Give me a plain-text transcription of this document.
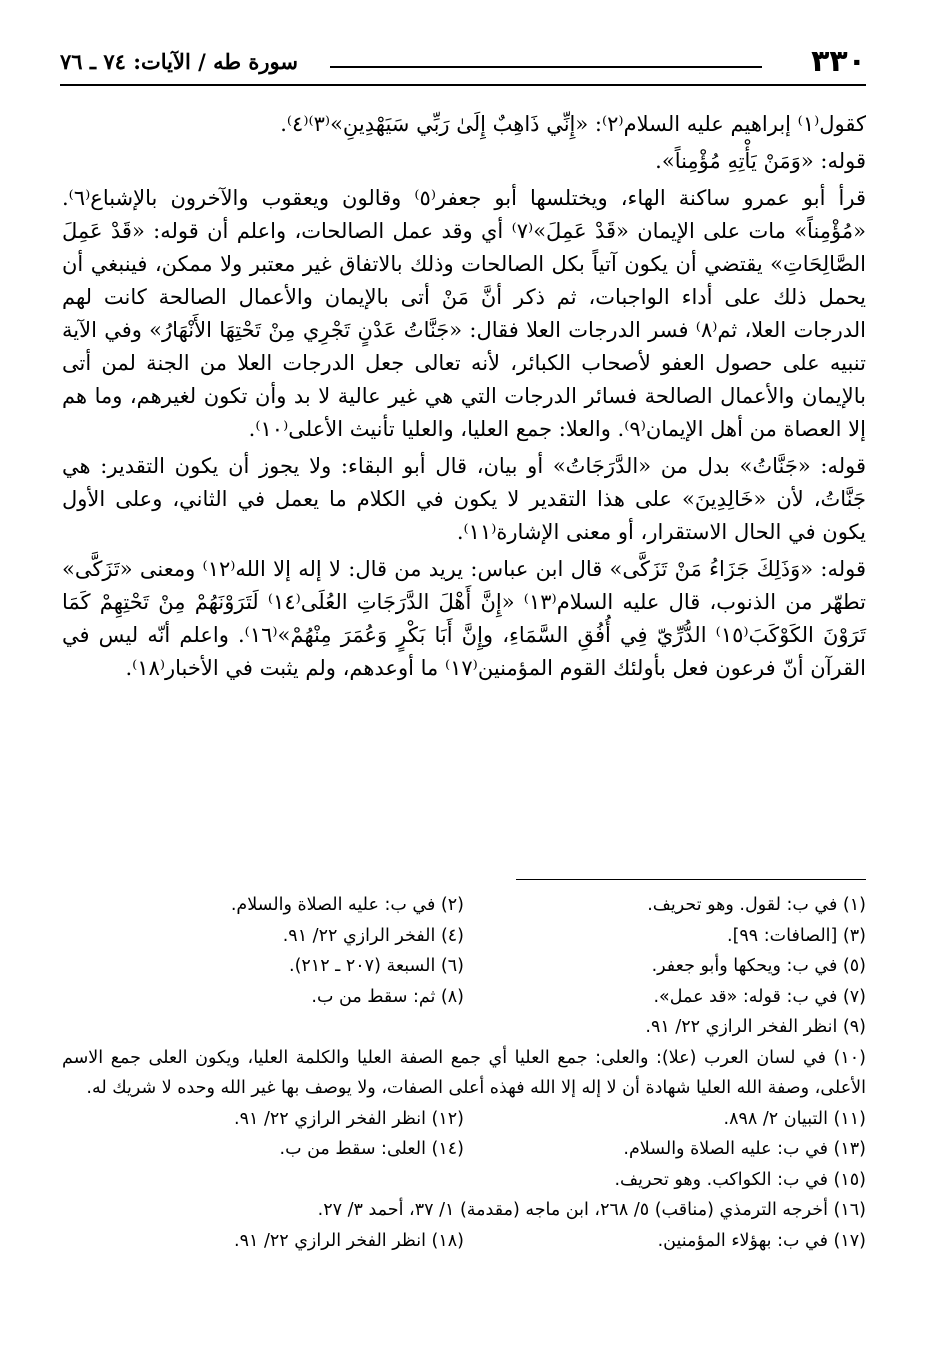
٣٣٠
سورة طه / الآيات: ٧٤ ـ ٧٦

كقول⁽١⁾ إبراهيم عليه السلام⁽٢⁾: «إِنِّي ذَاهِبٌ إِلَىٰ رَبِّي سَيَهْدِينِ»⁽٣⁾⁽٤⁾.

قوله: «وَمَنْ يَأْتِهِ مُؤْمِناً».

قرأ أبو عمرو ساكنة الهاء، ويختلسها أبو جعفر⁽٥⁾ وقالون ويعقوب والآخرون بالإشباع⁽٦⁾. «مُؤْمِناً» مات على الإيمان «قَدْ عَمِلَ»⁽٧⁾ أي وقد عمل الصالحات، واعلم أن قوله: «قَدْ عَمِلَ الصَّالِحَاتِ» يقتضي أن يكون آتياً بكل الصالحات وذلك بالاتفاق غير معتبر ولا ممكن، فينبغي أن يحمل ذلك على أداء الواجبات، ثم ذكر أنَّ مَنْ أتى بالإيمان والأعمال الصالحة كانت لهم الدرجات العلا، ثم⁽٨⁾ فسر الدرجات العلا فقال: «جَنَّاتُ عَدْنٍ تَجْرِي مِنْ تَحْتِهَا الأَنْهَارُ» وفي الآية تنبيه على حصول العفو لأصحاب الكبائر، لأنه تعالى جعل الدرجات العلا من الجنة لمن أتى بالإيمان والأعمال الصالحة فسائر الدرجات التي هي غير عالية لا بد وأن تكون لغيرهم، وما هم إلا العصاة من أهل الإيمان⁽٩⁾. والعلا: جمع العليا، والعليا تأنيث الأعلى⁽١٠⁾.

قوله: «جَنَّاتُ» بدل من «الدَّرَجَاتُ» أو بيان، قال أبو البقاء: ولا يجوز أن يكون التقدير: هي جَنَّاتُ، لأن «خَالِدِينَ» على هذا التقدير لا يكون في الكلام ما يعمل في الثاني، وعلى الأول يكون في الحال الاستقرار، أو معنى الإشارة⁽١١⁾.

قوله: «وَذَلِكَ جَزَاءُ مَنْ تَزَكَّى» قال ابن عباس: يريد من قال: لا إله إلا الله⁽١٢⁾ ومعنى «تَزَكَّى» تطهّر من الذنوب، قال عليه السلام⁽١٣⁾ «إِنَّ أَهْلَ الدَّرَجَاتِ العُلَى⁽١٤⁾ لَتَرَوْنَهُمْ مِنْ تَحْتِهِمْ كَمَا تَرَوْنَ الكَوْكَبَ⁽١٥⁾ الدُّرِّيّ فِي أُفُقِ السَّمَاءِ، وإِنَّ أَبَا بَكْرٍ وَعُمَرَ مِنْهُمْ»⁽١٦⁾. واعلم أنّه ليس في القرآن أنّ فرعون فعل بأولئك القوم المؤمنين⁽١٧⁾ ما أوعدهم، ولم يثبت في الأخبار⁽١٨⁾.

(١) في ب: لقول. وهو تحريف.
(٢) في ب: عليه الصلاة والسلام.
(٣) [الصافات: ٩٩].
(٤) الفخر الرازي ٢٢/ ٩١.
(٥) في ب: ويحكها وأبو جعفر.
(٦) السبعة (٢٠٧ ـ ٢١٢).
(٧) في ب: قوله: «قد عمل».
(٨) ثم: سقط من ب.
(٩) انظر الفخر الرازي ٢٢/ ٩١.
(١٠) في لسان العرب (علا): والعلى: جمع العليا أي جمع الصفة العليا والكلمة العليا، ويكون العلى جمع الاسم الأعلى، وصفة الله العليا شهادة أن لا إله إلا الله فهذه أعلى الصفات، ولا يوصف بها غير الله وحده لا شريك له.
(١١) التبيان ٢/ ٨٩٨.
(١٢) انظر الفخر الرازي ٢٢/ ٩١.
(١٣) في ب: عليه الصلاة والسلام.
(١٤) العلى: سقط من ب.
(١٥) في ب: الكواكب. وهو تحريف.
(١٦) أخرجه الترمذي (مناقب) ٥/ ٢٦٨، ابن ماجه (مقدمة) ١/ ٣٧، أحمد ٣/ ٢٧.
(١٧) في ب: بهؤلاء المؤمنين.
(١٨) انظر الفخر الرازي ٢٢/ ٩١.
